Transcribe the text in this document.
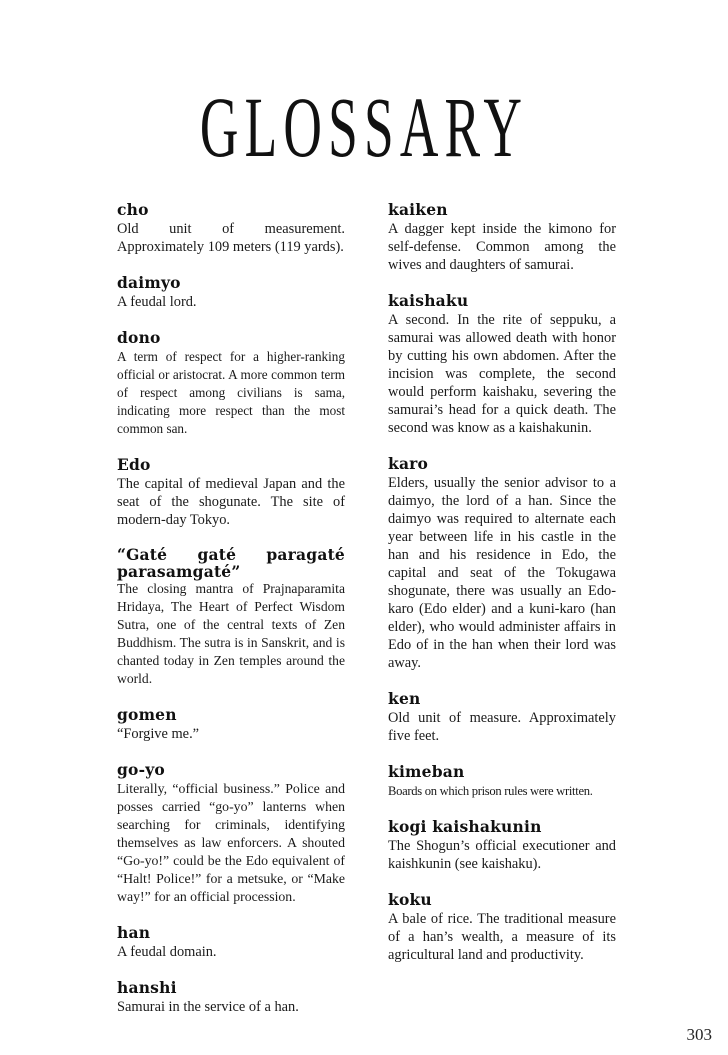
GLOSSARY
cho
Old unit of measurement. Approximately 109 meters (119 yards).
daimyo
A feudal lord.
dono
A term of respect for a higher-ranking official or aristocrat. A more common term of respect among civilians is sama, indicating more respect than the most common san.
Edo
The capital of medieval Japan and the seat of the shogunate. The site of modern-day Tokyo.
“Gaté gaté paragaté parasamgaté”
The closing mantra of Prajnaparamita Hridaya, The Heart of Perfect Wisdom Sutra, one of the central texts of Zen Buddhism. The sutra is in Sanskrit, and is chanted today in Zen temples around the world.
gomen
“Forgive me.”
go-yo
Literally, “official business.” Police and posses carried “go-yo” lanterns when searching for criminals, identifying themselves as law enforcers. A shouted “Go-yo!” could be the Edo equivalent of “Halt! Police!” for a metsuke, or “Make way!” for an official procession.
han
A feudal domain.
hanshi
Samurai in the service of a han.
kaiken
A dagger kept inside the kimono for self-defense. Common among the wives and daughters of samurai.
kaishaku
A second. In the rite of seppuku, a samurai was allowed death with honor by cutting his own abdomen. After the incision was complete, the second would perform kaishaku, severing the samurai’s head for a quick death. The second was know as a kaishakunin.
karo
Elders, usually the senior advisor to a daimyo, the lord of a han. Since the daimyo was required to alternate each year between life in his castle in the han and his residence in Edo, the capital and seat of the Tokugawa shogunate, there was usually an Edo-karo (Edo elder) and a kuni-karo (han elder), who would administer affairs in Edo of in the han when their lord was away.
ken
Old unit of measure. Approximately five feet.
kimeban
Boards on which prison rules were written.
kogi kaishakunin
The Shogun’s official executioner and kaishkunin (see kaishaku).
koku
A bale of rice. The traditional measure of a han’s wealth, a measure of its agricultural land and productivity.
303
